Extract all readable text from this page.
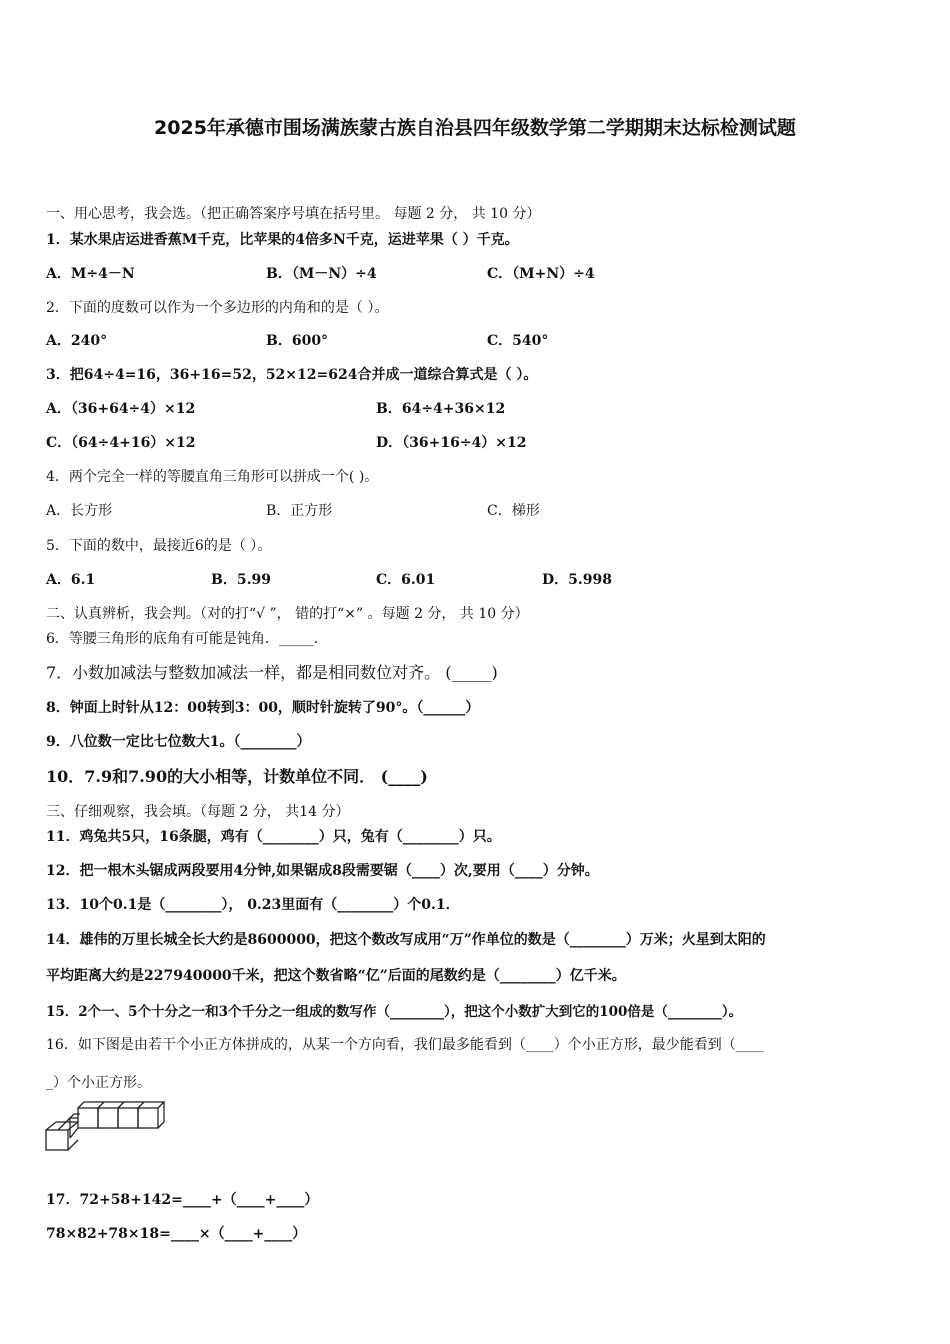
2025年承德市围场满族蒙古族自治县四年级数学第二学期期末达标检测试题
一、用心思考，我会选。（把正确答案序号填在括号里。 每题 2 分， 共 10 分）
1．某水果店运进香蕉M千克，比苹果的4倍多N千克，运进苹果（ ）千克。
A．M÷4－N	B．（M－N）÷4	C．（M+N）÷4
2．下面的度数可以作为一个多边形的内角和的是（ ）。
A．240°	B．600°	C．540°
3．把64÷4=16，36+16=52，52×12=624合并成一道综合算式是（ ）。
A．（36+64÷4）×12	B．64÷4+36×12
C．（64÷4+16）×12	D．（36+16÷4）×12
4．两个完全一样的等腰直角三角形可以拼成一个( )。
A．长方形	B．正方形	C．梯形
5．下面的数中，最接近6的是（ ）。
A．6.1	B．5.99	C．6.01	D．5.998
二、认真辨析，我会判。（对的打“√ ”， 错的打“×” 。每题 2 分， 共 10 分）
6．等腰三角形的底角有可能是钝角．_____．
7．小数加减法与整数加减法一样，都是相同数位对齐。 (_____)
8．钟面上时针从12：00转到3：00，顺时针旋转了90°。（______）
9．八位数一定比七位数大1。（________）
10．7.9和7.90的大小相等，计数单位不同． (____)
三、仔细观察，我会填。（每题 2 分， 共14 分）
11．鸡兔共5只，16条腿，鸡有（________）只，兔有（________）只。
12．把一根木头锯成两段要用4分钟,如果锯成8段需要锯（____）次,要用（____）分钟。
13．10个0.1是（________）， 0.23里面有（________）个0.1．
14．雄伟的万里长城全长大约是8600000，把这个数改写成用“万”作单位的数是（________）万米；火星到太阳的
平均距离大约是227940000千米，把这个数省略“亿”后面的尾数约是（________）亿千米。
15．2个一、5个十分之一和3个千分之一组成的数写作（________），把这个小数扩大到它的100倍是（________）。
16．如下图是由若干个小正方体拼成的，从某一个方向看，我们最多能看到（____）个小正方形，最少能看到（____
_）个小正方形。
17．72+58+142=____+（____+____）
78×82+78×18=____×（____+____）
